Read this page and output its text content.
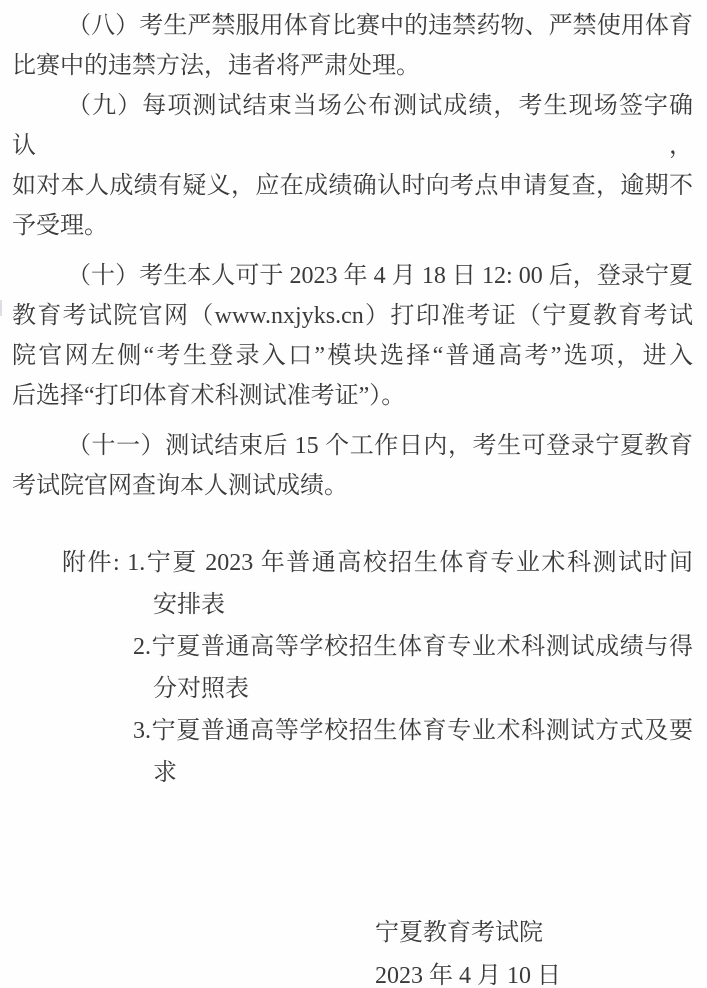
（八）考生严禁服用体育比赛中的违禁药物、严禁使用体育
比赛中的违禁方法，违者将严肃处理。
（九）每项测试结束当场公布测试成绩，考生现场签字确认，
如对本人成绩有疑义，应在成绩确认时向考点申请复查，逾期不
予受理。
（十）考生本人可于 2023 年 4 月 18 日 12: 00 后，登录宁夏
教育考试院官网（www.nxjyks.cn）打印准考证（宁夏教育考试
院官网左侧“考生登录入口”模块选择“普通高考”选项，进入
后选择“打印体育术科测试准考证”）。
（十一）测试结束后 15 个工作日内，考生可登录宁夏教育
考试院官网查询本人测试成绩。
附件: 1.宁夏 2023 年普通高校招生体育专业术科测试时间
安排表
2.宁夏普通高等学校招生体育专业术科测试成绩与得
分对照表
3.宁夏普通高等学校招生体育专业术科测试方式及要
求
宁夏教育考试院
2023 年 4 月 10 日
